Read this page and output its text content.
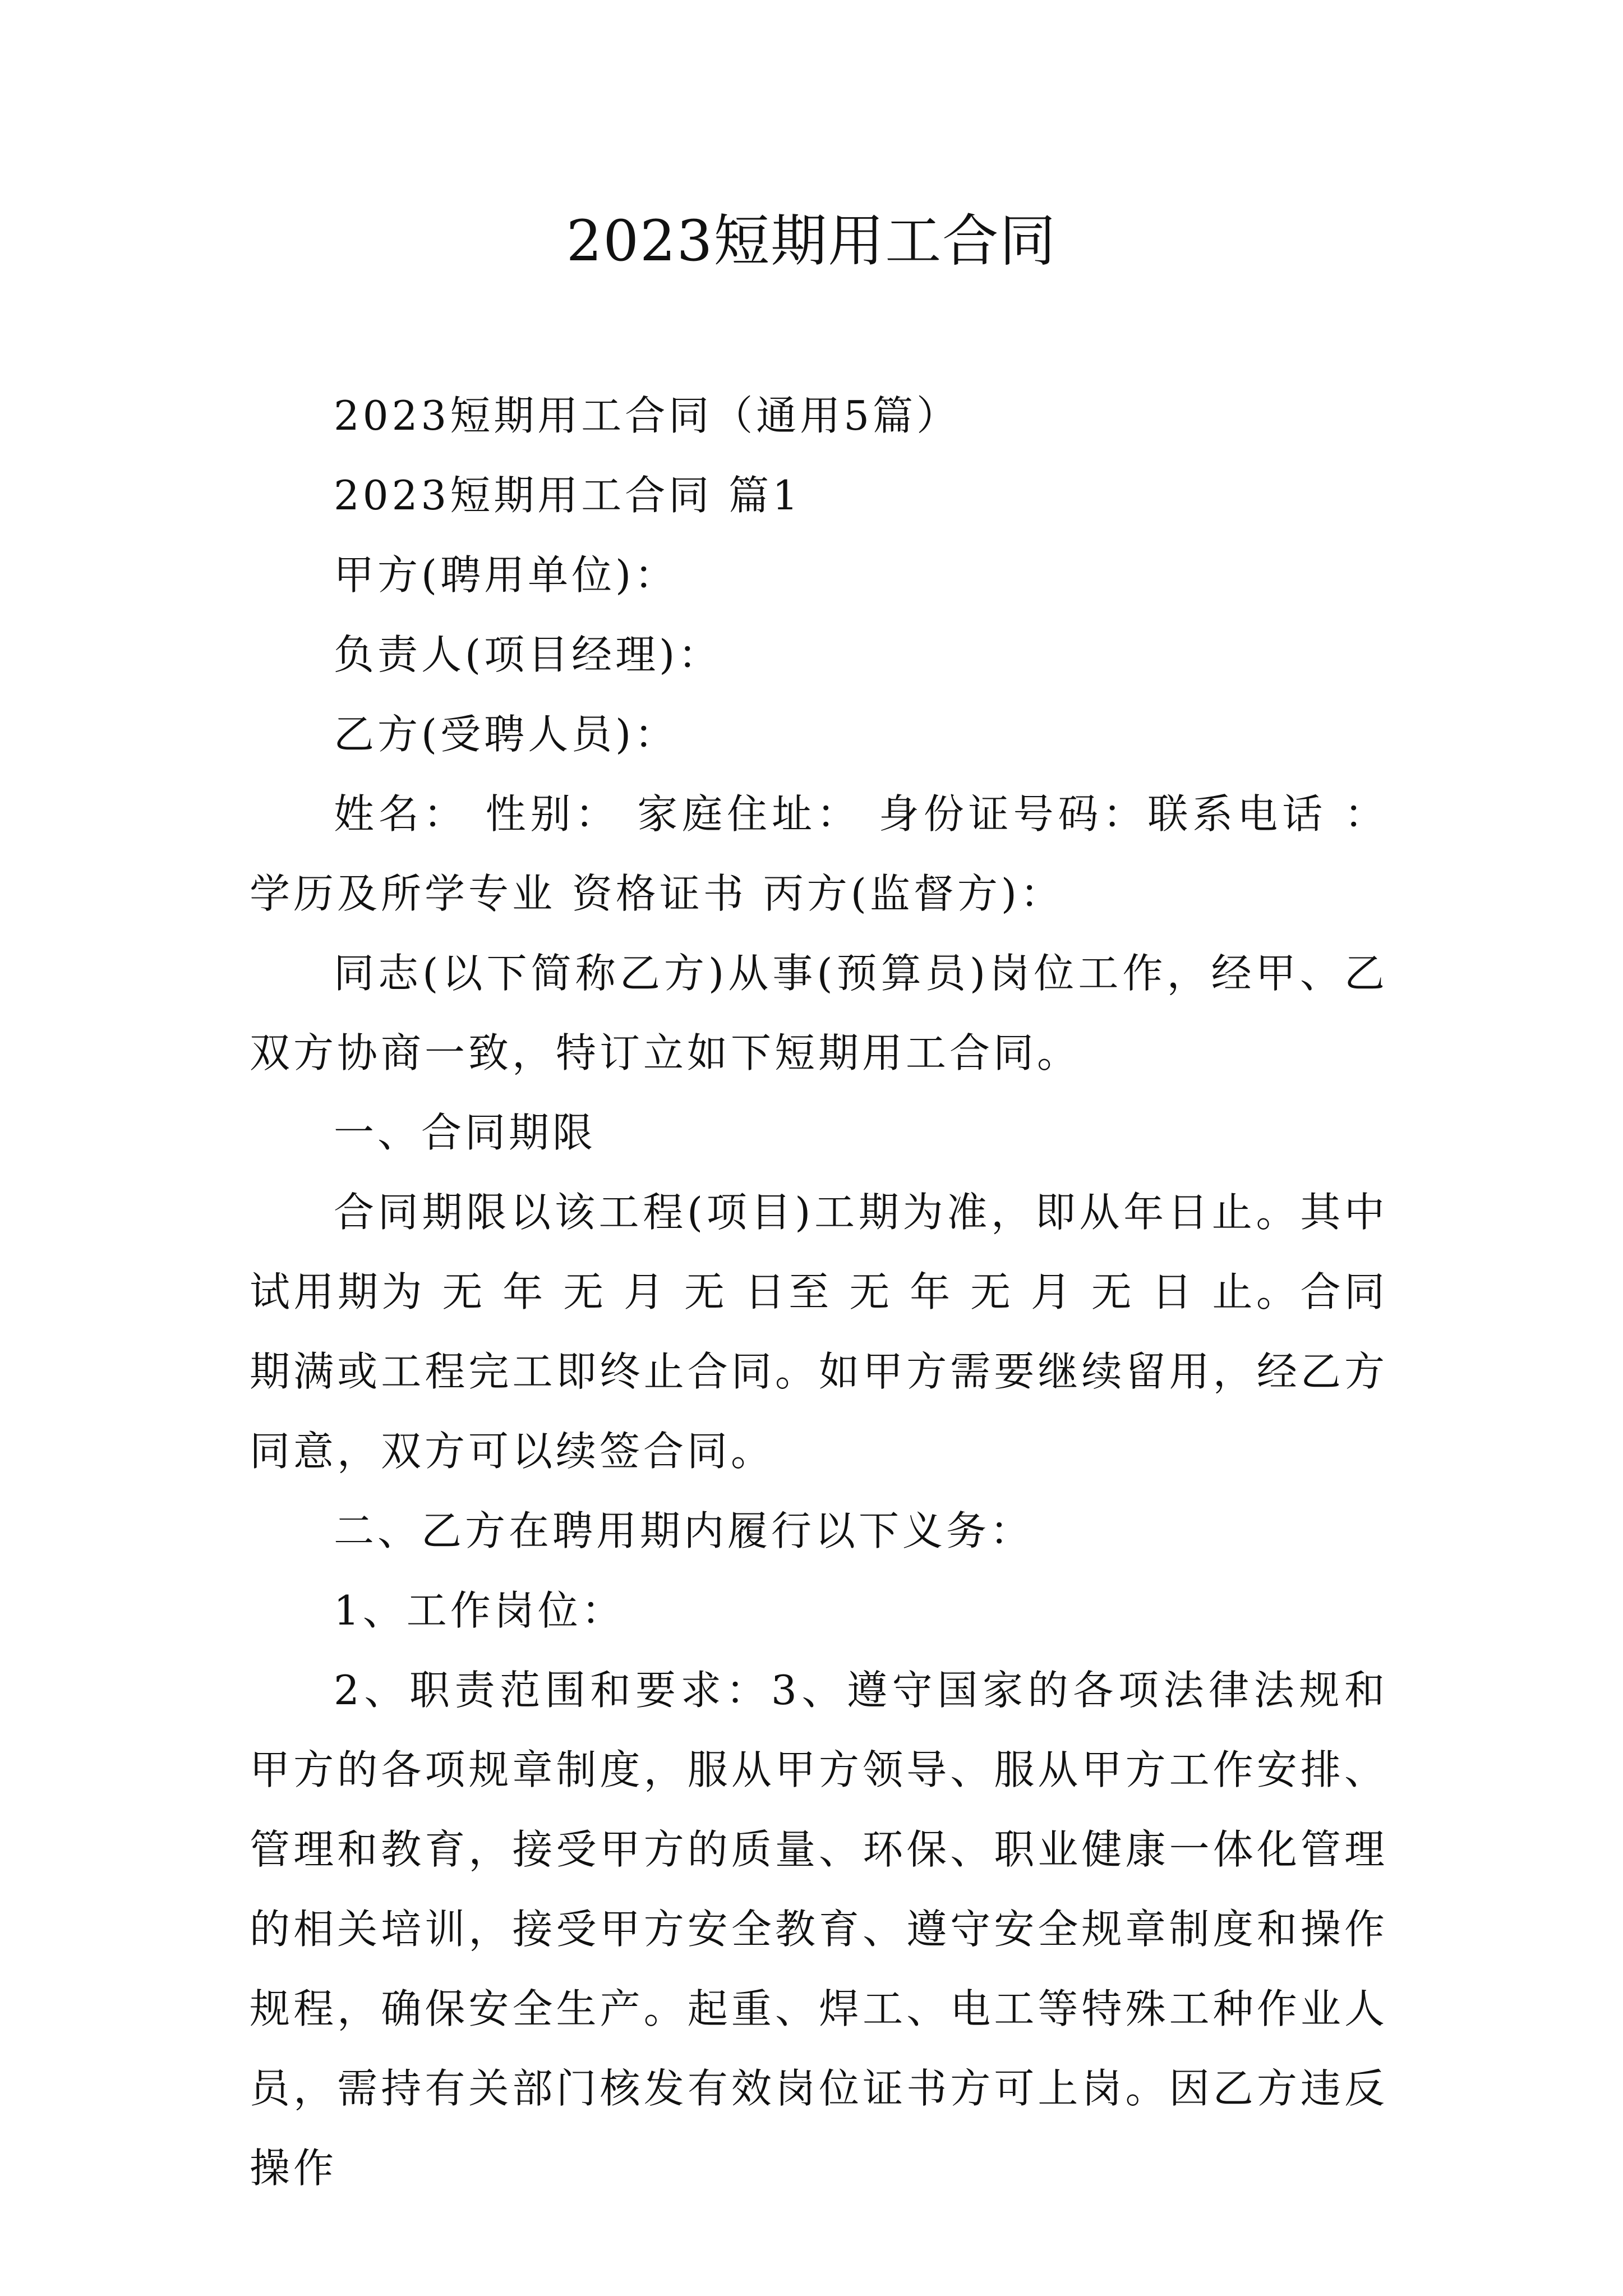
2023短期用工合同

2023短期用工合同（通用5篇）

2023短期用工合同 篇1

甲方(聘用单位)：

负责人(项目经理)：

乙方(受聘人员)：

姓名： 性别： 家庭住址： 身份证号码：联系电话 ：学历及所学专业 资格证书 丙方(监督方)：

同志(以下简称乙方)从事(预算员)岗位工作，经甲、乙双方协商一致，特订立如下短期用工合同。

一、合同期限

合同期限以该工程(项目)工期为准，即从年日止。其中试用期为 无 年 无 月 无 日至 无 年 无 月 无 日 止。合同期满或工程完工即终止合同。如甲方需要继续留用，经乙方同意，双方可以续签合同。

二、乙方在聘用期内履行以下义务：

1、工作岗位：

2、职责范围和要求：3、遵守国家的各项法律法规和甲方的各项规章制度，服从甲方领导、服从甲方工作安排、管理和教育，接受甲方的质量、环保、职业健康一体化管理的相关培训，接受甲方安全教育、遵守安全规章制度和操作规程，确保安全生产。起重、焊工、电工等特殊工种作业人员，需持有关部门核发有效岗位证书方可上岗。因乙方违反操作
